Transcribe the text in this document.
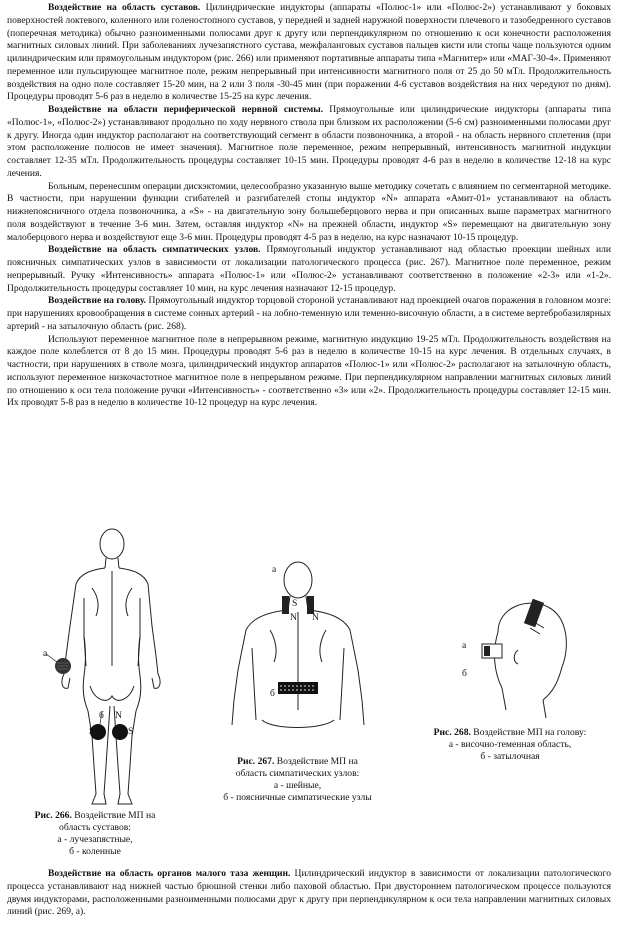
Воздействие на область суставов. Цилиндрические индукторы (аппараты «Полюс-1» или «Полюс-2») устанавливают у боковых поверхностей локтевого, коленного или голеностопного суставов, у передней и задней наружной поверхности плечевого и тазобедренного суставов (поперечная методика) обычно разноименными полюсами друг к другу или перпендикулярном по отношению к оси конечности расположения магнитных силовых линий. При заболеваниях лучезапястного сустава, межфаланговых суставов пальцев кисти или стопы чаще пользуются одним цилиндрическим или прямоугольным индуктором (рис. 266) или применяют портативные аппараты типа «Магнитер» или «МАГ-30-4». Применяют переменное или пульсирующее магнитное поле, режим непрерывный при интенсивности магнитного поля от 25 до 50 мТл. Продолжительность воздействия на одно поле составляет 15-20 мин, на 2 или 3 поля -30-45 мин (при поражении 4-6 суставов воздействия на них чередуют по дням). Процедуры проводят 5-6 раз в неделю в количестве 15-25 на курс лечения.

Воздействие на области периферической нервной системы. Прямоугольные или цилиндрические индукторы (аппараты типа «Полюс-1», «Полюс-2») устанавливают продольно по ходу нервного ствола при близком их расположении (5-6 см) разноименными полюсами друг к другу. Иногда один индуктор располагают на соответствующий сегмент в области позвоночника, а второй - на область нервного сплетения (при этом расположение полюсов не имеет значения). Магнитное поле переменное, режим непрерывный, интенсивность магнитной индукции составляет 12-35 мТл. Продолжительность процедуры составляет 10-15 мин. Процедуры проводят 4-6 раз в неделю в количестве 12-18 на курс лечения.

Больным, перенесшим операции дискэктомии, целесообразно указанную выше методику сочетать с влиянием по сегментарной методике. В частности, при нарушении функции сгибателей и разгибателей стопы индуктор «N» аппарата «Амит-01» устанавливают на область нижнепоясничного отдела позвоночника, а «S» - на двигательную зону большеберцового нерва и при описанных выше параметрах магнитного поля воздействуют в течение 3-6 мин. Затем, оставляя индуктор «N» на прежней области, индуктор «S» перемещают на двигательную зону малоберцового нерва и воздействуют еще 3-6 мин. Процедуры проводят 4-5 раз в неделю, на курс назначают 10-15 процедур.

Воздействие на область симпатических узлов. Прямоугольный индуктор устанавливают над областью проекции шейных или поясничных симпатических узлов в зависимости от локализации патологического процесса (рис. 267). Магнитное поле переменное, режим непрерывный. Ручку «Интенсивность» аппарата «Полюс-1» или «Полюс-2» устанавливают соответственно в положение «2-3» или «1-2». Продолжительность процедуры составляет 10 мин, на курс лечения назначают 12-15 процедур.

Воздействие на голову. Прямоугольный индуктор торцовой стороной устанавливают над проекцией очагов поражения в головном мозге: при нарушениях кровообращения в системе сонных артерий - на лобно-теменную или теменно-височную области, а в системе вертебробазилярных артерий - на затылочную область (рис. 268).

Используют переменное магнитное поле в непрерывном режиме, магнитную индукцию 19-25 мТл. Продолжительность воздействия на каждое поле колеблется от 8 до 15 мин. Процедуры проводят 5-6 раз в неделю в количестве 10-15 на курс лечения. В отдельных случаях, в частности, при нарушениях в стволе мозга, цилиндрический индуктор аппаратов «Полюс-1» или «Полюс-2» располагают на затылочную область, используют переменное низкочастотное магнитное поле в непрерывном режиме. При перпендикулярном направлении магнитных силовых линий по отношению к оси тела положение ручки «Интенсивность» - соответственно «3» или «2». Продолжительность процедуры составляет 12-15 мин. Их проводят 5-8 раз в неделю в количестве 10-12 процедур на курс лечения.

а
б
S
N
S
Рис. 266. Воздействие МП на
область суставов:
а - лучезапястные,
б - коленные
а
S
N N
б
Рис. 267. Воздействие МП на
область симпатических узлов:
а - шейные,
б - поясничные симпатические узлы
а
б
Рис. 268. Воздействие МП на голову:
а - височно-теменная область,
б - затылочная

Воздействие на область органов малого таза женщин. Цилиндрический индуктор в зависимости от локализации патологического процесса устанавливают над нижней частью брюшной стенки либо паховой областью. При двустороннем патологическом процессе пользуются двумя индукторами, расположенными разноименными полюсами друг к другу при перпендикулярном к оси тела направлении магнитных силовых линий (рис. 269, а).
